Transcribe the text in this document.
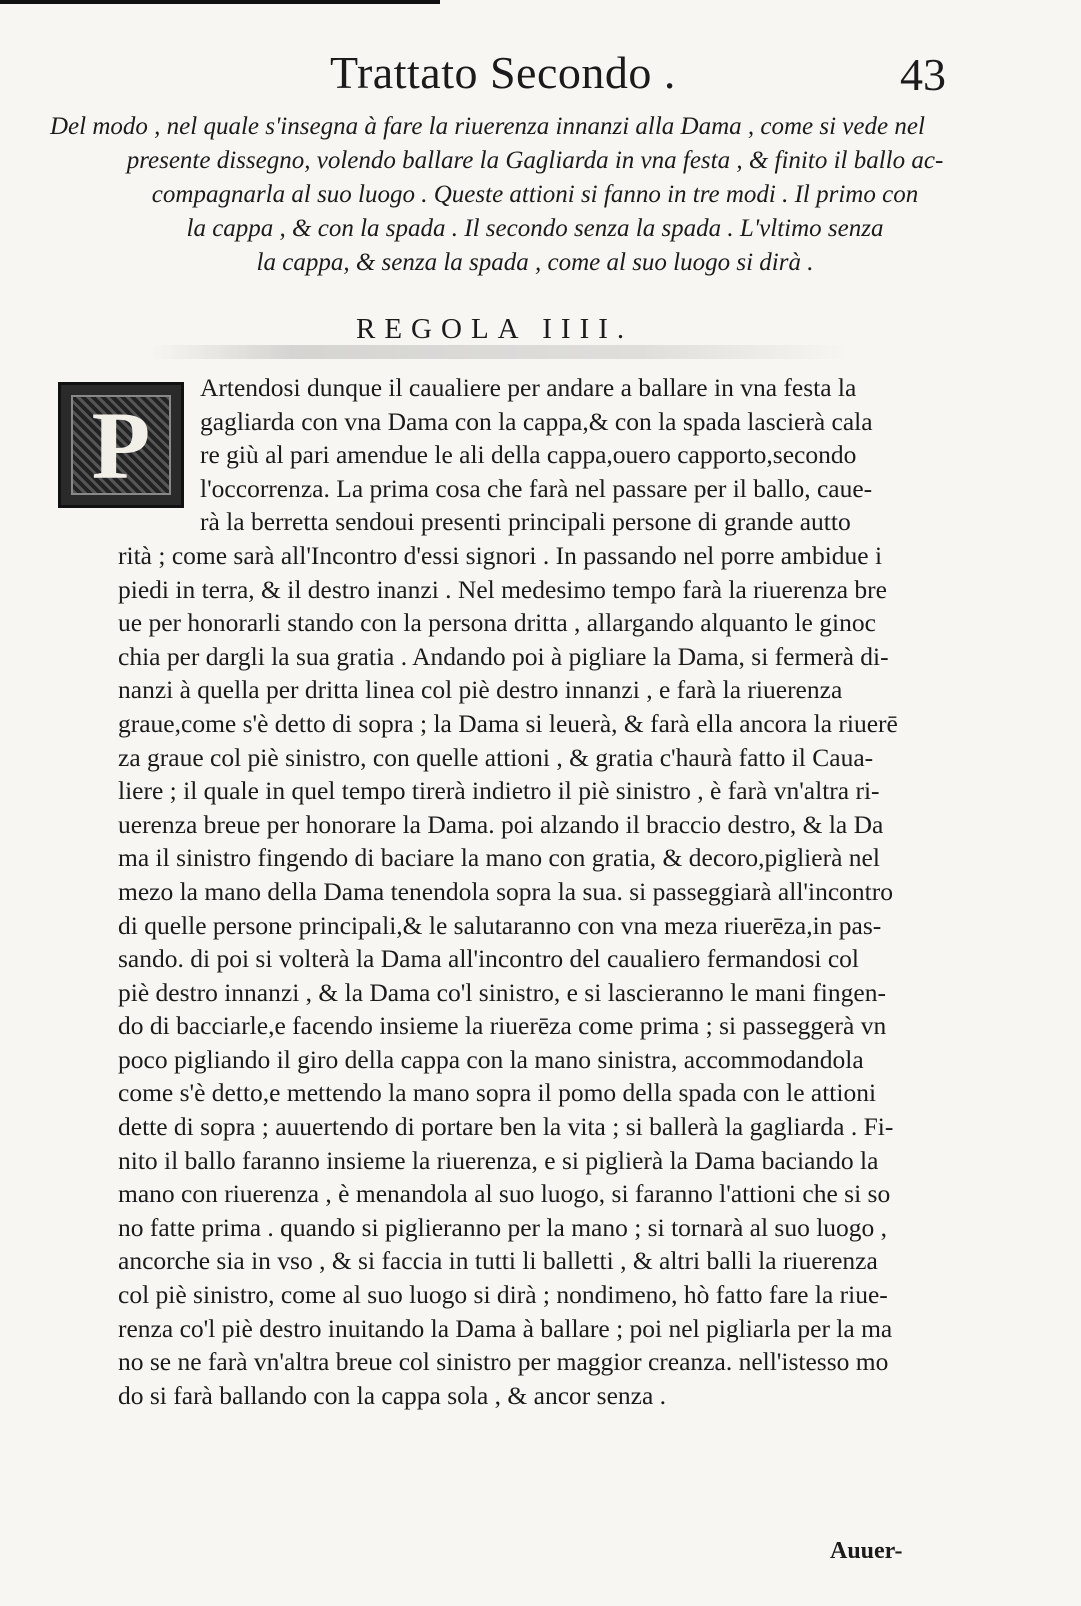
Trattato Secondo .	43
Del modo , nel quale s'insegna à fare la riuerenza innanzi alla Dama , come si vede nel
presente dissegno, volendo ballare la Gagliarda in vna festa , & finito il ballo ac-
compagnarla al suo luogo . Queste attioni si fanno in tre modi . Il primo con
la cappa , & con la spada . Il secondo senza la spada . L'vltimo senza
la cappa, & senza la spada , come al suo luogo si dirà .
REGOLA IIII.
P
Artendosi dunque il caualiere per andare a ballare in vna festa la
gagliarda con vna Dama con la cappa,& con la spada lascierà cala
re giù al pari amendue le ali della cappa,ouero capporto,secondo
l'occorrenza. La prima cosa che farà nel passare per il ballo, caue-
rà la berretta sendoui presenti principali persone di grande autto
rità ; come sarà all'Incontro d'essi signori . In passando nel porre ambidue i
piedi in terra, & il destro inanzi . Nel medesimo tempo farà la riuerenza bre
ue per honorarli stando con la persona dritta , allargando alquanto le ginoc
chia per dargli la sua gratia . Andando poi à pigliare la Dama, si fermerà di-
nanzi à quella per dritta linea col piè destro innanzi , e farà la riuerenza
graue,come s'è detto di sopra ; la Dama si leuerà, & farà ella ancora la riuerē
za graue col piè sinistro, con quelle attioni , & gratia c'haurà fatto il Caua-
liere ; il quale in quel tempo tirerà indietro il piè sinistro , è farà vn'altra ri-
uerenza breue per honorare la Dama. poi alzando il braccio destro, & la Da
ma il sinistro fingendo di baciare la mano con gratia, & decoro,piglierà nel
mezo la mano della Dama tenendola sopra la sua. si passeggiarà all'incontro
di quelle persone principali,& le salutaranno con vna meza riuerēza,in pas-
sando. di poi si volterà la Dama all'incontro del caualiero fermandosi col
piè destro innanzi , & la Dama co'l sinistro, e si lascieranno le mani fingen-
do di bacciarle,e facendo insieme la riuerēza come prima ; si passeggerà vn
poco pigliando il giro della cappa con la mano sinistra, accommodandola
come s'è detto,e mettendo la mano sopra il pomo della spada con le attioni
dette di sopra ; auuertendo di portare ben la vita ; si ballerà la gagliarda . Fi-
nito il ballo faranno insieme la riuerenza, e si piglierà la Dama baciando la
mano con riuerenza , è menandola al suo luogo, si faranno l'attioni che si so
no fatte prima . quando si piglieranno per la mano ; si tornarà al suo luogo ,
ancorche sia in vso , & si faccia in tutti li balletti , & altri balli la riuerenza
col piè sinistro, come al suo luogo si dirà ; nondimeno, hò fatto fare la riue-
renza co'l piè destro inuitando la Dama à ballare ; poi nel pigliarla per la ma
no se ne farà vn'altra breue col sinistro per maggior creanza. nell'istesso mo
do si farà ballando con la cappa sola , & ancor senza .
Auuer-
